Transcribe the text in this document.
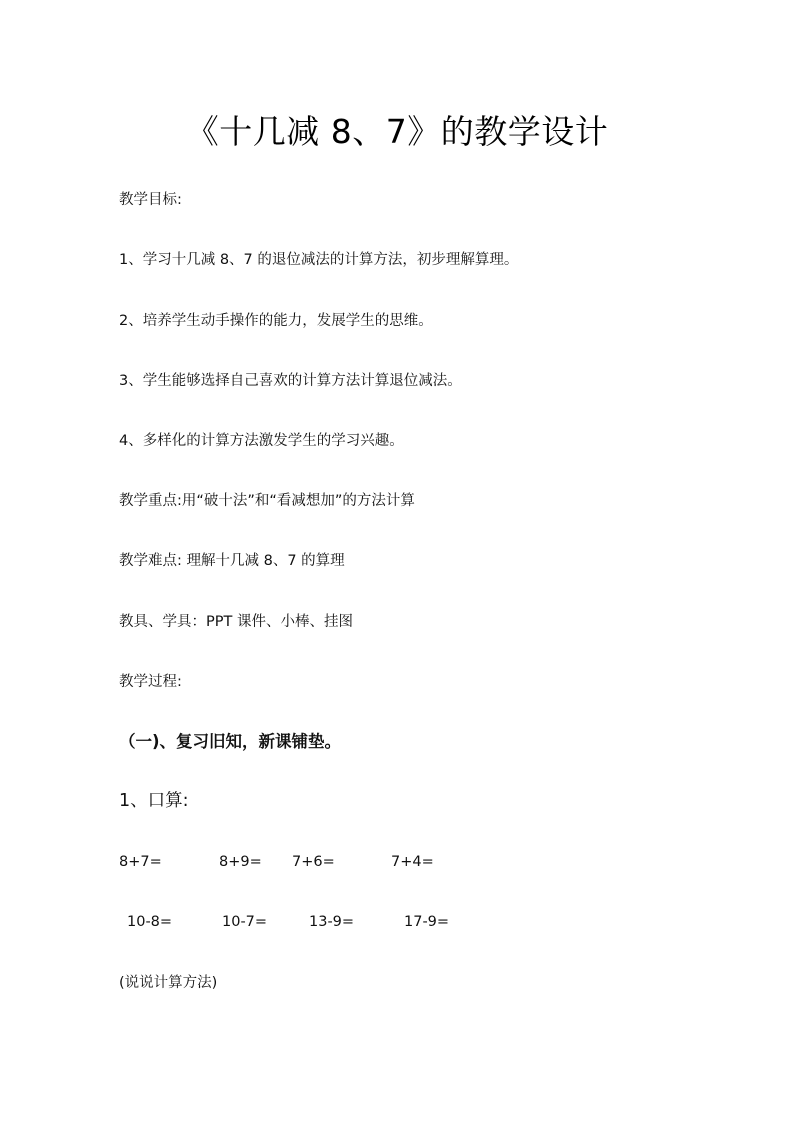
《十几减 8、7》的教学设计
教学目标:
1、学习十几减 8、7 的退位减法的计算方法，初步理解算理。
2、培养学生动手操作的能力，发展学生的思维。
3、学生能够选择自己喜欢的计算方法计算退位减法。
4、多样化的计算方法激发学生的学习兴趣。
教学重点:用“破十法”和“看减想加”的方法计算
教学难点: 理解十几减 8、7 的算理
教具、学具：PPT 课件、小棒、挂图
教学过程:
（一)、复习旧知，新课铺垫。
1、口算:
8+7=	8+9= 7+6=	7+4=
10-8=	10-7=	13-9=	17-9=
(说说计算方法)
